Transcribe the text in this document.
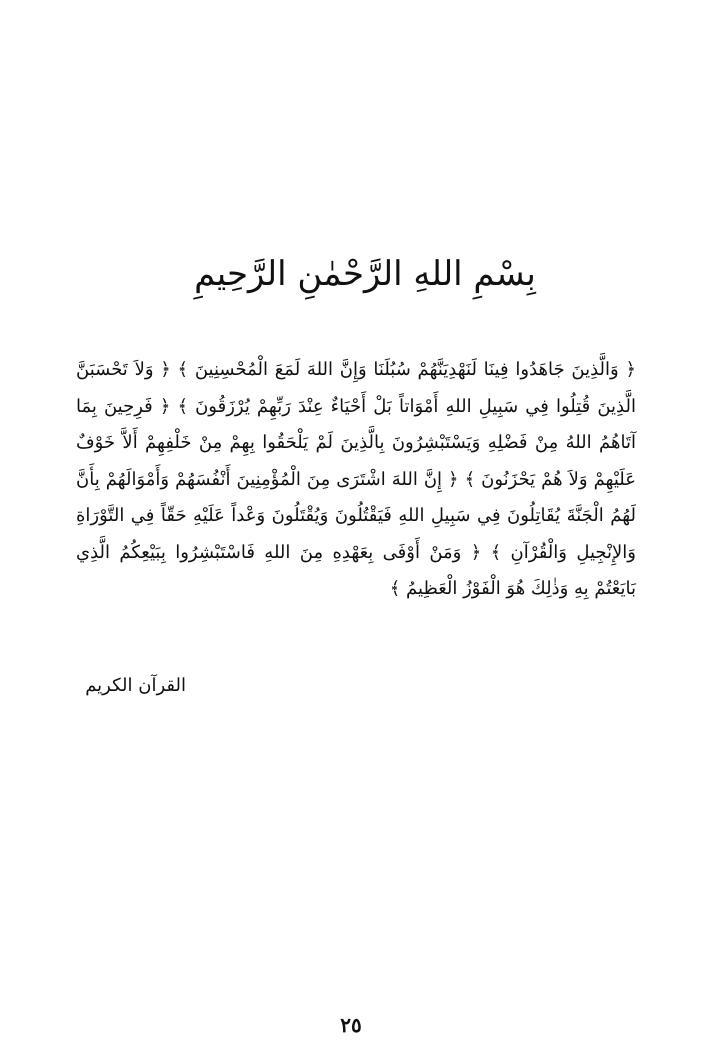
بِسْمِ اللهِ الرَّحْمٰنِ الرَّحِيمِ
﴿ وَالَّذِينَ جَاهَدُوا فِينَا لَنَهْدِيَنَّهُمْ سُبُلَنَا وَإِنَّ اللهَ لَمَعَ الْمُحْسِنِينَ ﴾ ﴿ وَلاَ تَحْسَبَنَّ الَّذِينَ قُتِلُوا فِي سَبِيلِ اللهِ أَمْوَاتاً بَلْ أَحْيَاءٌ عِنْدَ رَبِّهِمْ يُرْزَقُونَ ﴾ ﴿ فَرِحِينَ بِمَا آتَاهُمُ اللهُ مِنْ فَضْلِهِ وَيَسْتَبْشِرُونَ بِالَّذِينَ لَمْ يَلْحَقُوا بِهِمْ مِنْ خَلْفِهِمْ أَلاَّ خَوْفٌ عَلَيْهِمْ وَلاَ هُمْ يَحْزَنُونَ ﴾ ﴿ إِنَّ اللهَ اشْتَرَى مِنَ الْمُؤْمِنِينَ أَنْفُسَهُمْ وَأَمْوَالَهُمْ بِأَنَّ لَهُمُ الْجَنَّةَ يُقَاتِلُونَ فِي سَبِيلِ اللهِ فَيَقْتُلُونَ وَيُقْتَلُونَ وَعْداً عَلَيْهِ حَقّاً فِي التَّوْرَاةِ وَالإِنْجِيلِ وَالْقُرْآنِ ﴾ ﴿ وَمَنْ أَوْفَى بِعَهْدِهِ مِنَ اللهِ فَاسْتَبْشِرُوا بِبَيْعِكُمُ الَّذِي بَايَعْتُمْ بِهِ وَذٰلِكَ هُوَ الْفَوْزُ الْعَظِيمُ ﴾
القرآن الكريم
٢٥
